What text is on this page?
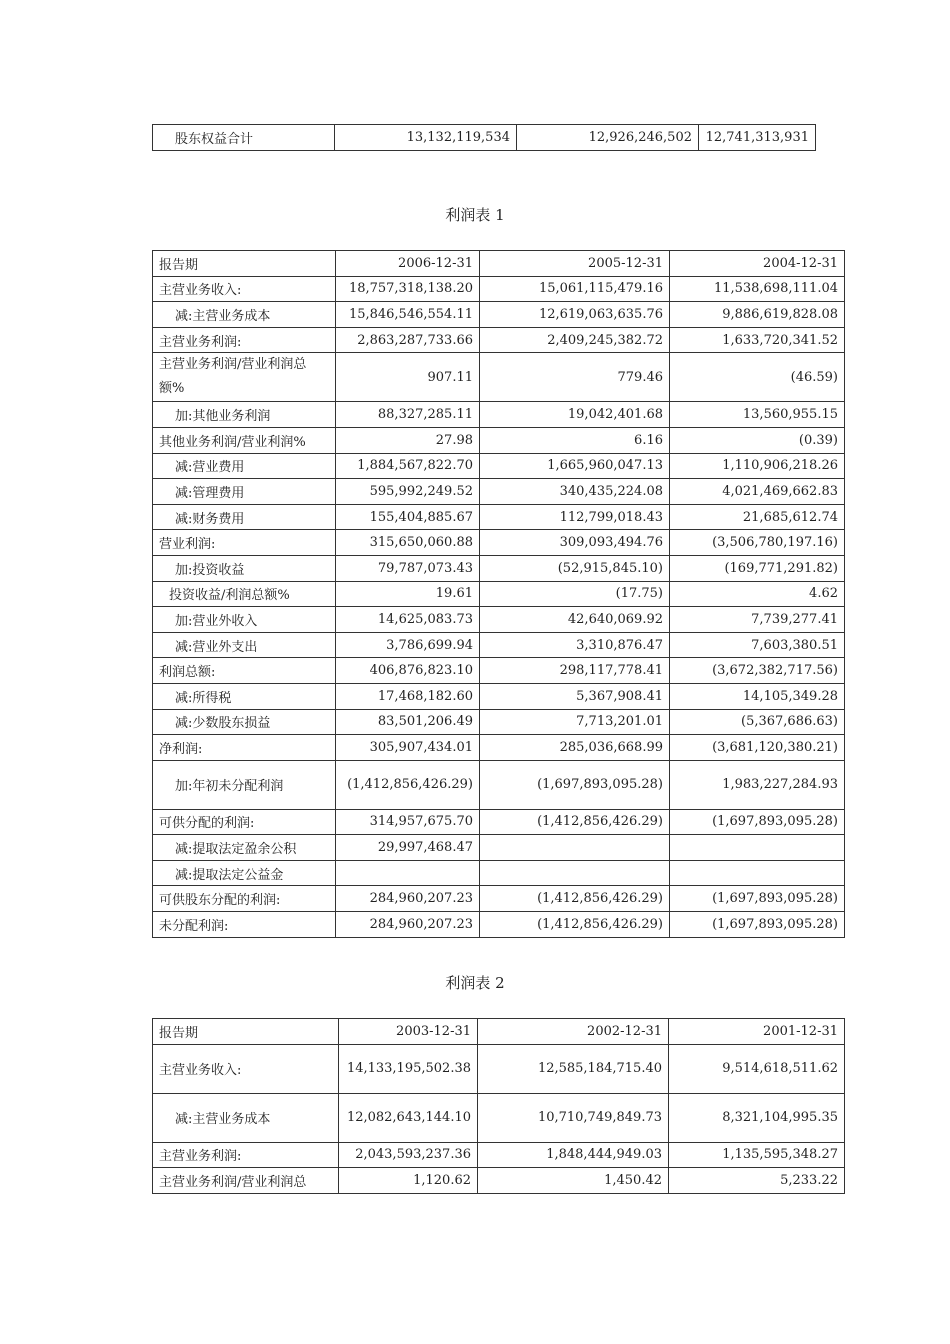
股东权益合计	13,132,119,534	12,926,246,502	12,741,313,931
利润表 1
报告期	2006-12-31	2005-12-31	2004-12-31
主营业务收入:	18,757,318,138.20	15,061,115,479.16	11,538,698,111.04
减:主营业务成本	15,846,546,554.11	12,619,063,635.76	9,886,619,828.08
主营业务利润:	2,863,287,733.66	2,409,245,382.72	1,633,720,341.52
主营业务利润/营业利润总额%	907.11	779.46	(46.59)
加:其他业务利润	88,327,285.11	19,042,401.68	13,560,955.15
其他业务利润/营业利润%	27.98	6.16	(0.39)
减:营业费用	1,884,567,822.70	1,665,960,047.13	1,110,906,218.26
减:管理费用	595,992,249.52	340,435,224.08	4,021,469,662.83
减:财务费用	155,404,885.67	112,799,018.43	21,685,612.74
营业利润:	315,650,060.88	309,093,494.76	(3,506,780,197.16)
加:投资收益	79,787,073.43	(52,915,845.10)	(169,771,291.82)
投资收益/利润总额%	19.61	(17.75)	4.62
加:营业外收入	14,625,083.73	42,640,069.92	7,739,277.41
减:营业外支出	3,786,699.94	3,310,876.47	7,603,380.51
利润总额:	406,876,823.10	298,117,778.41	(3,672,382,717.56)
减:所得税	17,468,182.60	5,367,908.41	14,105,349.28
减:少数股东损益	83,501,206.49	7,713,201.01	(5,367,686.63)
净利润:	305,907,434.01	285,036,668.99	(3,681,120,380.21)
加:年初未分配利润	(1,412,856,426.29)	(1,697,893,095.28)	1,983,227,284.93
可供分配的利润:	314,957,675.70	(1,412,856,426.29)	(1,697,893,095.28)
减:提取法定盈余公积	29,997,468.47		
减:提取法定公益金			
可供股东分配的利润:	284,960,207.23	(1,412,856,426.29)	(1,697,893,095.28)
未分配利润:	284,960,207.23	(1,412,856,426.29)	(1,697,893,095.28)
利润表 2
报告期	2003-12-31	2002-12-31	2001-12-31
主营业务收入:	14,133,195,502.38	12,585,184,715.40	9,514,618,511.62
减:主营业务成本	12,082,643,144.10	10,710,749,849.73	8,321,104,995.35
主营业务利润:	2,043,593,237.36	1,848,444,949.03	1,135,595,348.27
主营业务利润/营业利润总	1,120.62	1,450.42	5,233.22
